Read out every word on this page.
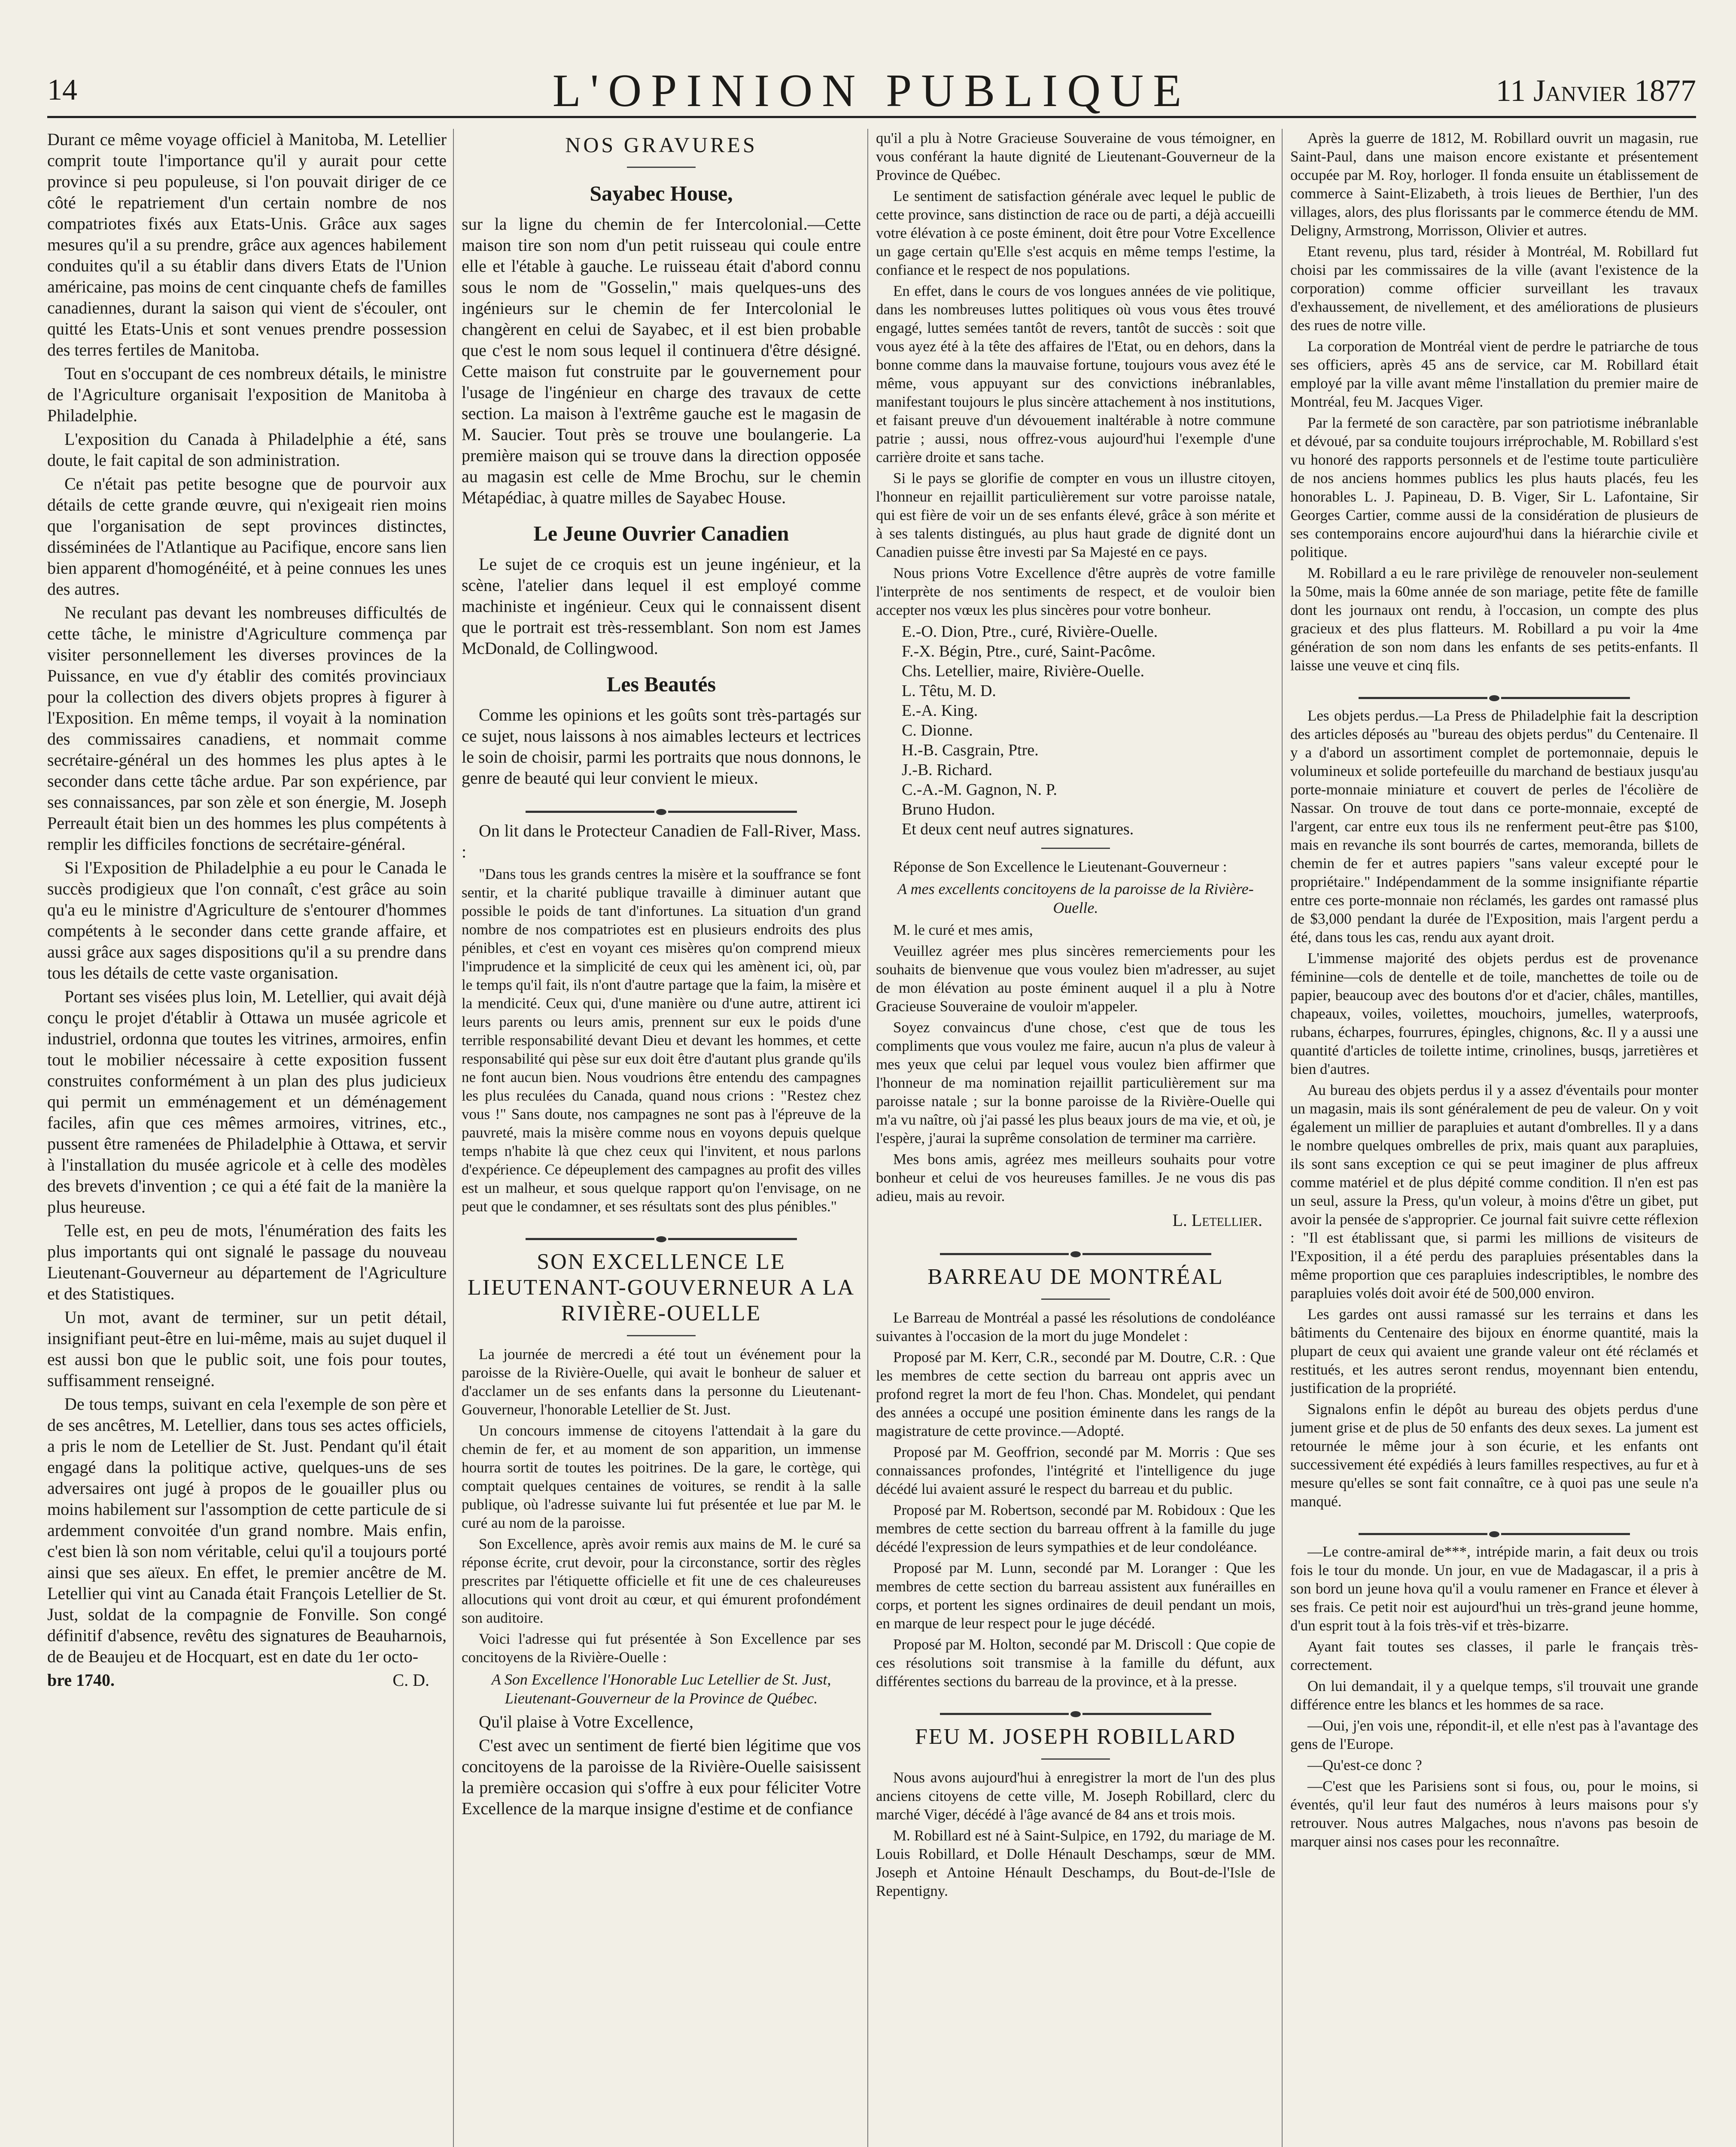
14	L'OPINION PUBLIQUE	11 Janvier 1877

Durant ce même voyage officiel à Manitoba, M. Letellier comprit toute l'importance qu'il y aurait pour cette province si peu populeuse, si l'on pouvait diriger de ce côté le repatriement d'un certain nombre de nos compatriotes fixés aux Etats-Unis. Grâce aux sages mesures qu'il a su prendre, grâce aux agences habilement conduites qu'il a su établir dans divers Etats de l'Union américaine, pas moins de cent cinquante chefs de familles canadiennes, durant la saison qui vient de s'écouler, ont quitté les Etats-Unis et sont venues prendre possession des terres fertiles de Manitoba.

Tout en s'occupant de ces nombreux détails, le ministre de l'Agriculture organisait l'exposition de Manitoba à Philadelphie.

L'exposition du Canada à Philadelphie a été, sans doute, le fait capital de son administration.

Ce n'était pas petite besogne que de pourvoir aux détails de cette grande œuvre, qui n'exigeait rien moins que l'organisation de sept provinces distinctes, disséminées de l'Atlantique au Pacifique, encore sans lien bien apparent d'homogénéité, et à peine connues les unes des autres.

Ne reculant pas devant les nombreuses difficultés de cette tâche, le ministre d'Agriculture commença par visiter personnellement les diverses provinces de la Puissance, en vue d'y établir des comités provinciaux pour la collection des divers objets propres à figurer à l'Exposition. En même temps, il voyait à la nomination des commissaires canadiens, et nommait comme secrétaire-général un des hommes les plus aptes à le seconder dans cette tâche ardue. Par son expérience, par ses connaissances, par son zèle et son énergie, M. Joseph Perreault était bien un des hommes les plus compétents à remplir les difficiles fonctions de secrétaire-général.

Si l'Exposition de Philadelphie a eu pour le Canada le succès prodigieux que l'on connaît, c'est grâce au soin qu'a eu le ministre d'Agriculture de s'entourer d'hommes compétents à le seconder dans cette grande affaire, et aussi grâce aux sages dispositions qu'il a su prendre dans tous les détails de cette vaste organisation.

Portant ses visées plus loin, M. Letellier, qui avait déjà conçu le projet d'établir à Ottawa un musée agricole et industriel, ordonna que toutes les vitrines, armoires, enfin tout le mobilier nécessaire à cette exposition fussent construites conformément à un plan des plus judicieux qui permit un emménagement et un déménagement faciles, afin que ces mêmes armoires, vitrines, etc., pussent être ramenées de Philadelphie à Ottawa, et servir à l'installation du musée agricole et à celle des modèles des brevets d'invention ; ce qui a été fait de la manière la plus heureuse.

Telle est, en peu de mots, l'énumération des faits les plus importants qui ont signalé le passage du nouveau Lieutenant-Gouverneur au département de l'Agriculture et des Statistiques.

Un mot, avant de terminer, sur un petit détail, insignifiant peut-être en lui-même, mais au sujet duquel il est aussi bon que le public soit, une fois pour toutes, suffisamment renseigné.

De tous temps, suivant en cela l'exemple de son père et de ses ancêtres, M. Letellier, dans tous ses actes officiels, a pris le nom de Letellier de St. Just. Pendant qu'il était engagé dans la politique active, quelques-uns de ses adversaires ont jugé à propos de le gouailler plus ou moins habilement sur l'assomption de cette particule de si ardemment convoitée d'un grand nombre. Mais enfin, c'est bien là son nom véritable, celui qu'il a toujours porté ainsi que ses aïeux. En effet, le premier ancêtre de M. Letellier qui vint au Canada était François Letellier de St. Just, soldat de la compagnie de Fonville. Son congé définitif d'absence, revêtu des signatures de Beauharnois, de de Beaujeu et de Hocquart, est en date du 1er octo-

bre 1740.	C. D.
NOS GRAVURES
Sayabec House,

sur la ligne du chemin de fer Intercolonial.—Cette maison tire son nom d'un petit ruisseau qui coule entre elle et l'étable à gauche. Le ruisseau était d'abord connu sous le nom de "Gosselin," mais quelques-uns des ingénieurs sur le chemin de fer Intercolonial le changèrent en celui de Sayabec, et il est bien probable que c'est le nom sous lequel il continuera d'être désigné. Cette maison fut construite par le gouvernement pour l'usage de l'ingénieur en charge des travaux de cette section. La maison à l'extrême gauche est le magasin de M. Saucier. Tout près se trouve une boulangerie. La première maison qui se trouve dans la direction opposée au magasin est celle de Mme Brochu, sur le chemin Métapédiac, à quatre milles de Sayabec House.

Le Jeune Ouvrier Canadien

Le sujet de ce croquis est un jeune ingénieur, et la scène, l'atelier dans lequel il est employé comme machiniste et ingénieur. Ceux qui le connaissent disent que le portrait est très-ressemblant. Son nom est James McDonald, de Collingwood.

Les Beautés

Comme les opinions et les goûts sont très-partagés sur ce sujet, nous laissons à nos aimables lecteurs et lectrices le soin de choisir, parmi les portraits que nous donnons, le genre de beauté qui leur convient le mieux.

On lit dans le Protecteur Canadien de Fall-River, Mass. :

"Dans tous les grands centres la misère et la souffrance se font sentir, et la charité publique travaille à diminuer autant que possible le poids de tant d'infortunes. La situation d'un grand nombre de nos compatriotes est en plusieurs endroits des plus pénibles, et c'est en voyant ces misères qu'on comprend mieux l'imprudence et la simplicité de ceux qui les amènent ici, où, par le temps qu'il fait, ils n'ont d'autre partage que la faim, la misère et la mendicité. Ceux qui, d'une manière ou d'une autre, attirent ici leurs parents ou leurs amis, prennent sur eux le poids d'une terrible responsabilité devant Dieu et devant les hommes, et cette responsabilité qui pèse sur eux doit être d'autant plus grande qu'ils ne font aucun bien. Nous voudrions être entendu des campagnes les plus reculées du Canada, quand nous crions : "Restez chez vous !" Sans doute, nos campagnes ne sont pas à l'épreuve de la pauvreté, mais la misère comme nous en voyons depuis quelque temps n'habite là que chez ceux qui l'invitent, et nous parlons d'expérience. Ce dépeuplement des campagnes au profit des villes est un malheur, et sous quelque rapport qu'on l'envisage, on ne peut que le condamner, et ses résultats sont des plus pénibles."

SON EXCELLENCE LE LIEUTENANT-GOUVERNEUR A LA RIVIÈRE-OUELLE

La journée de mercredi a été tout un événement pour la paroisse de la Rivière-Ouelle, qui avait le bonheur de saluer et d'acclamer un de ses enfants dans la personne du Lieutenant-Gouverneur, l'honorable Letellier de St. Just.

Un concours immense de citoyens l'attendait à la gare du chemin de fer, et au moment de son apparition, un immense hourra sortit de toutes les poitrines. De la gare, le cortège, qui comptait quelques centaines de voitures, se rendit à la salle publique, où l'adresse suivante lui fut présentée et lue par M. le curé au nom de la paroisse.

Son Excellence, après avoir remis aux mains de M. le curé sa réponse écrite, crut devoir, pour la circonstance, sortir des règles prescrites par l'étiquette officielle et fit une de ces chaleureuses allocutions qui vont droit au cœur, et qui émurent profondément son auditoire.

Voici l'adresse qui fut présentée à Son Excellence par ses concitoyens de la Rivière-Ouelle :

A Son Excellence l'Honorable Luc Letellier de St. Just, Lieutenant-Gouverneur de la Province de Québec.

Qu'il plaise à Votre Excellence,

C'est avec un sentiment de fierté bien légitime que vos concitoyens de la paroisse de la Rivière-Ouelle saisissent la première occasion qui s'offre à eux pour féliciter Votre Excellence de la marque insigne d'estime et de confiance

qu'il a plu à Notre Gracieuse Souveraine de vous témoigner, en vous conférant la haute dignité de Lieutenant-Gouverneur de la Province de Québec.

Le sentiment de satisfaction générale avec lequel le public de cette province, sans distinction de race ou de parti, a déjà accueilli votre élévation à ce poste éminent, doit être pour Votre Excellence un gage certain qu'Elle s'est acquis en même temps l'estime, la confiance et le respect de nos populations.

En effet, dans le cours de vos longues années de vie politique, dans les nombreuses luttes politiques où vous vous êtes trouvé engagé, luttes semées tantôt de revers, tantôt de succès : soit que vous ayez été à la tête des affaires de l'Etat, ou en dehors, dans la bonne comme dans la mauvaise fortune, toujours vous avez été le même, vous appuyant sur des convictions inébranlables, manifestant toujours le plus sincère attachement à nos institutions, et faisant preuve d'un dévouement inaltérable à notre commune patrie ; aussi, nous offrez-vous aujourd'hui l'exemple d'une carrière droite et sans tache.

Si le pays se glorifie de compter en vous un illustre citoyen, l'honneur en rejaillit particulièrement sur votre paroisse natale, qui est fière de voir un de ses enfants élevé, grâce à son mérite et à ses talents distingués, au plus haut grade de dignité dont un Canadien puisse être investi par Sa Majesté en ce pays.

Nous prions Votre Excellence d'être auprès de votre famille l'interprète de nos sentiments de respect, et de vouloir bien accepter nos vœux les plus sincères pour votre bonheur.

E.-O. Dion, Ptre., curé, Rivière-Ouelle.
F.-X. Bégin, Ptre., curé, Saint-Pacôme.
Chs. Letellier, maire, Rivière-Ouelle.
L. Têtu, M. D.
E.-A. King.
C. Dionne.
H.-B. Casgrain, Ptre.
J.-B. Richard.
C.-A.-M. Gagnon, N. P.
Bruno Hudon.
Et deux cent neuf autres signatures.

Réponse de Son Excellence le Lieutenant-Gouverneur :

A mes excellents concitoyens de la paroisse de la Rivière-Ouelle.

M. le curé et mes amis,

Veuillez agréer mes plus sincères remerciements pour les souhaits de bienvenue que vous voulez bien m'adresser, au sujet de mon élévation au poste éminent auquel il a plu à Notre Gracieuse Souveraine de vouloir m'appeler.

Soyez convaincus d'une chose, c'est que de tous les compliments que vous voulez me faire, aucun n'a plus de valeur à mes yeux que celui par lequel vous voulez bien affirmer que l'honneur de ma nomination rejaillit particulièrement sur ma paroisse natale ; sur la bonne paroisse de la Rivière-Ouelle qui m'a vu naître, où j'ai passé les plus beaux jours de ma vie, et où, je l'espère, j'aurai la suprême consolation de terminer ma carrière.

Mes bons amis, agréez mes meilleurs souhaits pour votre bonheur et celui de vos heureuses familles. Je ne vous dis pas adieu, mais au revoir.

L. Letellier.
BARREAU DE MONTRÉAL

Le Barreau de Montréal a passé les résolutions de condoléance suivantes à l'occasion de la mort du juge Mondelet :

Proposé par M. Kerr, C.R., secondé par M. Doutre, C.R. : Que les membres de cette section du barreau ont appris avec un profond regret la mort de feu l'hon. Chas. Mondelet, qui pendant des années a occupé une position éminente dans les rangs de la magistrature de cette province.—Adopté.

Proposé par M. Geoffrion, secondé par M. Morris : Que ses connaissances profondes, l'intégrité et l'intelligence du juge décédé lui avaient assuré le respect du barreau et du public.

Proposé par M. Robertson, secondé par M. Robidoux : Que les membres de cette section du barreau offrent à la famille du juge décédé l'expression de leurs sympathies et de leur condoléance.

Proposé par M. Lunn, secondé par M. Loranger : Que les membres de cette section du barreau assistent aux funérailles en corps, et portent les signes ordinaires de deuil pendant un mois, en marque de leur respect pour le juge décédé.

Proposé par M. Holton, secondé par M. Driscoll : Que copie de ces résolutions soit transmise à la famille du défunt, aux différentes sections du barreau de la province, et à la presse.

FEU M. JOSEPH ROBILLARD

Nous avons aujourd'hui à enregistrer la mort de l'un des plus anciens citoyens de cette ville, M. Joseph Robillard, clerc du marché Viger, décédé à l'âge avancé de 84 ans et trois mois.

M. Robillard est né à Saint-Sulpice, en 1792, du mariage de M. Louis Robillard, et Dolle Hénault Deschamps, sœur de MM. Joseph et Antoine Hénault Deschamps, du Bout-de-l'Isle de Repentigny.

Après la guerre de 1812, M. Robillard ouvrit un magasin, rue Saint-Paul, dans une maison encore existante et présentement occupée par M. Roy, horloger. Il fonda ensuite un établissement de commerce à Saint-Elizabeth, à trois lieues de Berthier, l'un des villages, alors, des plus florissants par le commerce étendu de MM. Deligny, Armstrong, Morrisson, Olivier et autres.

Etant revenu, plus tard, résider à Montréal, M. Robillard fut choisi par les commissaires de la ville (avant l'existence de la corporation) comme officier surveillant les travaux d'exhaussement, de nivellement, et des améliorations de plusieurs des rues de notre ville.

La corporation de Montréal vient de perdre le patriarche de tous ses officiers, après 45 ans de service, car M. Robillard était employé par la ville avant même l'installation du premier maire de Montréal, feu M. Jacques Viger.

Par la fermeté de son caractère, par son patriotisme inébranlable et dévoué, par sa conduite toujours irréprochable, M. Robillard s'est vu honoré des rapports personnels et de l'estime toute particulière de nos anciens hommes publics les plus hauts placés, feu les honorables L. J. Papineau, D. B. Viger, Sir L. Lafontaine, Sir Georges Cartier, comme aussi de la considération de plusieurs de ses contemporains encore aujourd'hui dans la hiérarchie civile et politique.

M. Robillard a eu le rare privilège de renouveler non-seulement la 50me, mais la 60me année de son mariage, petite fête de famille dont les journaux ont rendu, à l'occasion, un compte des plus gracieux et des plus flatteurs. M. Robillard a pu voir la 4me génération de son nom dans les enfants de ses petits-enfants. Il laisse une veuve et cinq fils.

Les objets perdus.—La Press de Philadelphie fait la description des articles déposés au "bureau des objets perdus" du Centenaire. Il y a d'abord un assortiment complet de portemonnaie, depuis le volumineux et solide portefeuille du marchand de bestiaux jusqu'au porte-monnaie miniature et couvert de perles de l'écolière de Nassar. On trouve de tout dans ce porte-monnaie, excepté de l'argent, car entre eux tous ils ne renferment peut-être pas $100, mais en revanche ils sont bourrés de cartes, memoranda, billets de chemin de fer et autres papiers "sans valeur excepté pour le propriétaire." Indépendamment de la somme insignifiante répartie entre ces porte-monnaie non réclamés, les gardes ont ramassé plus de $3,000 pendant la durée de l'Exposition, mais l'argent perdu a été, dans tous les cas, rendu aux ayant droit.

L'immense majorité des objets perdus est de provenance féminine—cols de dentelle et de toile, manchettes de toile ou de papier, beaucoup avec des boutons d'or et d'acier, châles, mantilles, chapeaux, voiles, voilettes, mouchoirs, jumelles, waterproofs, rubans, écharpes, fourrures, épingles, chignons, &c. Il y a aussi une quantité d'articles de toilette intime, crinolines, busqs, jarretières et bien d'autres.

Au bureau des objets perdus il y a assez d'éventails pour monter un magasin, mais ils sont généralement de peu de valeur. On y voit également un millier de parapluies et autant d'ombrelles. Il y a dans le nombre quelques ombrelles de prix, mais quant aux parapluies, ils sont sans exception ce qui se peut imaginer de plus affreux comme matériel et de plus dépité comme condition. Il n'en est pas un seul, assure la Press, qu'un voleur, à moins d'être un gibet, put avoir la pensée de s'approprier. Ce journal fait suivre cette réflexion : "Il est établissant que, si parmi les millions de visiteurs de l'Exposition, il a été perdu des parapluies présentables dans la même proportion que ces parapluies indescriptibles, le nombre des parapluies volés doit avoir été de 500,000 environ.

Les gardes ont aussi ramassé sur les terrains et dans les bâtiments du Centenaire des bijoux en énorme quantité, mais la plupart de ceux qui avaient une grande valeur ont été réclamés et restitués, et les autres seront rendus, moyennant bien entendu, justification de la propriété.

Signalons enfin le dépôt au bureau des objets perdus d'une jument grise et de plus de 50 enfants des deux sexes. La jument est retournée le même jour à son écurie, et les enfants ont successivement été expédiés à leurs familles respectives, au fur et à mesure qu'elles se sont fait connaître, ce à quoi pas une seule n'a manqué.

—Le contre-amiral de***, intrépide marin, a fait deux ou trois fois le tour du monde. Un jour, en vue de Madagascar, il a pris à son bord un jeune hova qu'il a voulu ramener en France et élever à ses frais. Ce petit noir est aujourd'hui un très-grand jeune homme, d'un esprit tout à la fois très-vif et très-bizarre.

Ayant fait toutes ses classes, il parle le français très-correctement.

On lui demandait, il y a quelque temps, s'il trouvait une grande différence entre les blancs et les hommes de sa race.

—Oui, j'en vois une, répondit-il, et elle n'est pas à l'avantage des gens de l'Europe.

—Qu'est-ce donc ?

—C'est que les Parisiens sont si fous, ou, pour le moins, si éventés, qu'il leur faut des numéros à leurs maisons pour s'y retrouver. Nous autres Malgaches, nous n'avons pas besoin de marquer ainsi nos cases pour les reconnaître.
